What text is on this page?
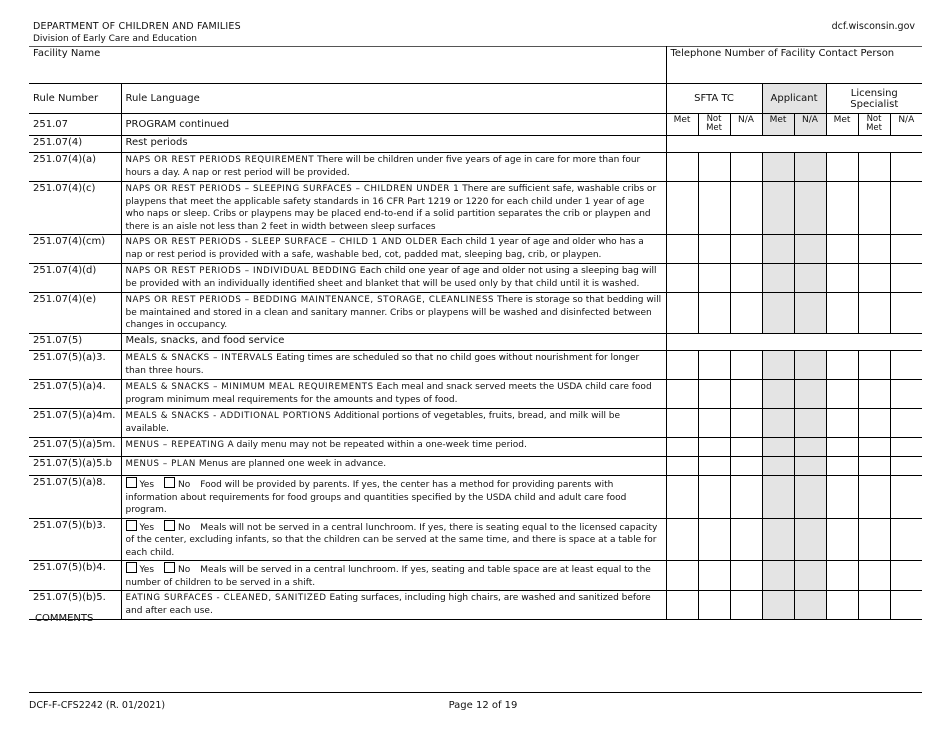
DEPARTMENT OF CHILDREN AND FAMILIES
Division of Early Care and Education
dcf.wisconsin.gov
Facility Name		Telephone Number of Facility Contact Person							
Rule Number	Rule Language	SFTA TC			Applicant		Licensing Specialist		
251.07	PROGRAM continued	Met	Not Met	N/A	Met	N/A	Met	Not Met	N/A
251.07(4)	Rest periods								
251.07(4)(a)	NAPS OR REST PERIODS REQUIREMENT There will be children under five years of age in care for more than four hours a day. A nap or rest period will be provided.								
251.07(4)(c)	NAPS OR REST PERIODS – SLEEPING SURFACES – CHILDREN UNDER 1 There are sufficient safe, washable cribs or playpens that meet the applicable safety standards in 16 CFR Part 1219 or 1220 for each child under 1 year of age who naps or sleep. Cribs or playpens may be placed end-to-end if a solid partition separates the crib or playpen and there is an aisle not less than 2 feet in width between sleep surfaces								
251.07(4)(cm)	NAPS OR REST PERIODS - SLEEP SURFACE – CHILD 1 AND OLDER Each child 1 year of age and older who has a nap or rest period is provided with a safe, washable bed, cot, padded mat, sleeping bag, crib, or playpen.								
251.07(4)(d)	NAPS OR REST PERIODS – INDIVIDUAL BEDDING Each child one year of age and older not using a sleeping bag will be provided with an individually identified sheet and blanket that will be used only by that child until it is washed.								
251.07(4)(e)	NAPS OR REST PERIODS – BEDDING MAINTENANCE, STORAGE, CLEANLINESS There is storage so that bedding will be maintained and stored in a clean and sanitary manner. Cribs or playpens will be washed and disinfected between changes in occupancy.								
251.07(5)	Meals, snacks, and food service								
251.07(5)(a)3.	MEALS & SNACKS – INTERVALS Eating times are scheduled so that no child goes without nourishment for longer than three hours.								
251.07(5)(a)4.	MEALS & SNACKS – MINIMUM MEAL REQUIREMENTS Each meal and snack served meets the USDA child care food program minimum meal requirements for the amounts and types of food.								
251.07(5)(a)4m.	MEALS & SNACKS - ADDITIONAL PORTIONS Additional portions of vegetables, fruits, bread, and milk will be available.								
251.07(5)(a)5m.	MENUS – REPEATING A daily menu may not be repeated within a one-week time period.								
251.07(5)(a)5.b	MENUS – PLAN Menus are planned one week in advance.								
251.07(5)(a)8.	Yes No Food will be provided by parents. If yes, the center has a method for providing parents with information about requirements for food groups and quantities specified by the USDA child and adult care food program.								
251.07(5)(b)3.	Yes No Meals will not be served in a central lunchroom. If yes, there is seating equal to the licensed capacity of the center, excluding infants, so that the children can be served at the same time, and there is space at a table for each child.								
251.07(5)(b)4.	Yes No Meals will be served in a central lunchroom. If yes, seating and table space are at least equal to the number of children to be served in a shift.								
251.07(5)(b)5.	EATING SURFACES - CLEANED, SANITIZED Eating surfaces, including high chairs, are washed and sanitized before and after each use.								
COMMENTS
DCF-F-CFS2242 (R. 01/2021)	Page 12 of 19
